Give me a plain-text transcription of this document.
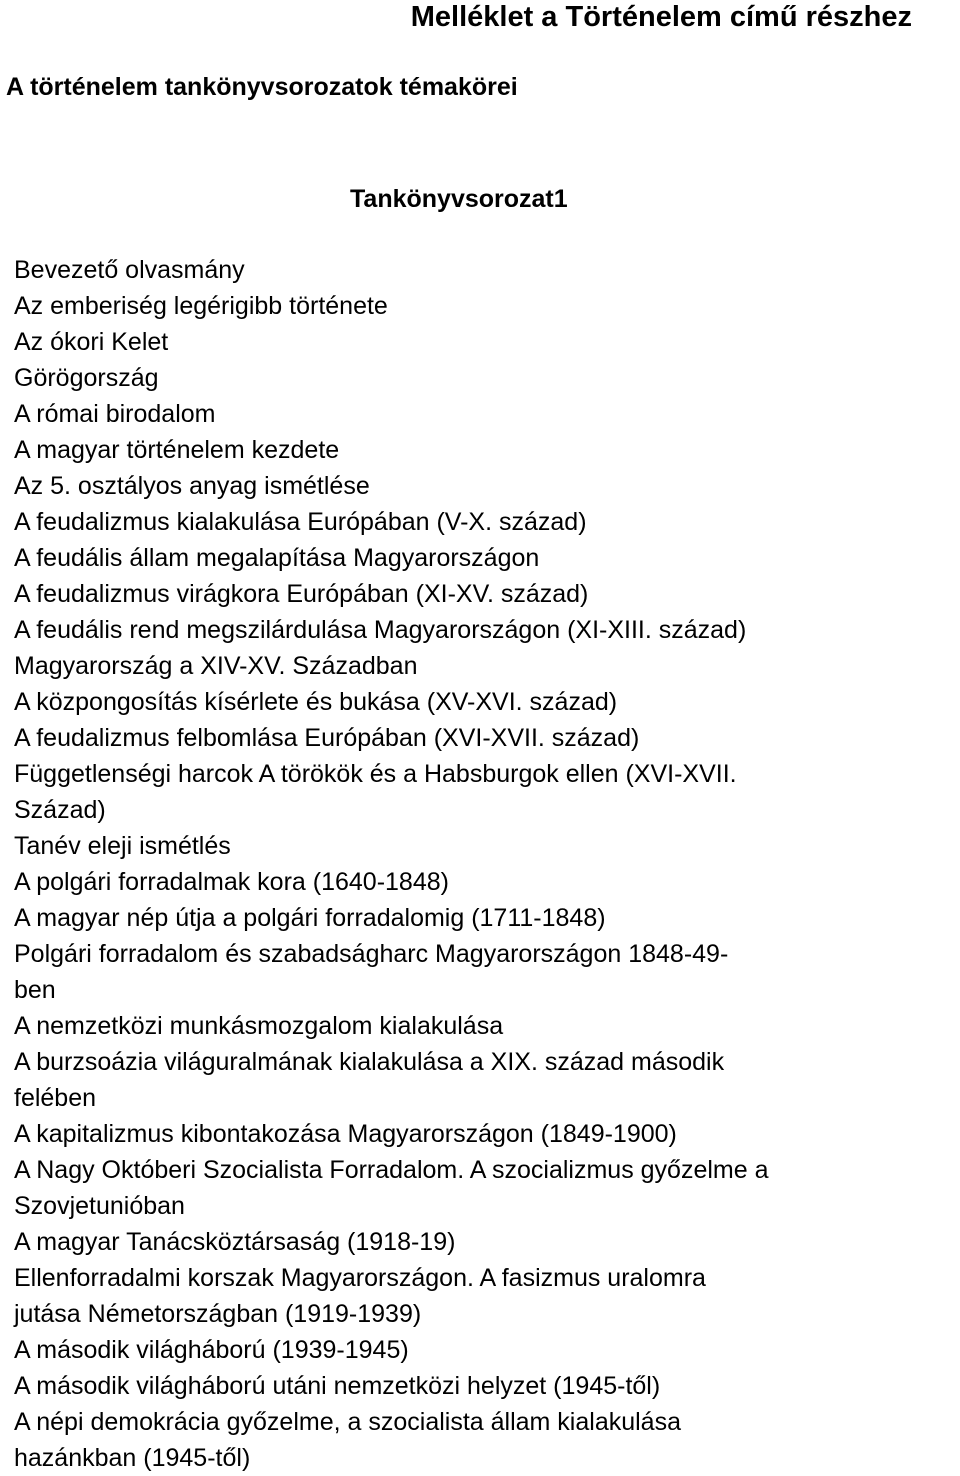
Melléklet a Történelem című részhez
A történelem tankönyvsorozatok témakörei
Tankönyvsorozat1
Bevezető olvasmány
Az emberiség legérigibb története
Az ókori Kelet
Görögország
A római birodalom
A magyar történelem kezdete
Az 5. osztályos anyag ismétlése
A feudalizmus kialakulása Európában (V-X. század)
A feudális állam megalapítása Magyarországon
A feudalizmus virágkora Európában (XI-XV. század)
A feudális rend megszilárdulása Magyarországon (XI-XIII. század)
Magyarország a XIV-XV. Században
A közpongosítás kísérlete és bukása (XV-XVI. század)
A feudalizmus felbomlása Európában (XVI-XVII. század)
Függetlenségi harcok A törökök és a Habsburgok ellen (XVI-XVII.
Század)
Tanév eleji ismétlés
A polgári forradalmak kora (1640-1848)
A magyar nép útja a polgári forradalomig (1711-1848)
Polgári forradalom és szabadságharc Magyarországon 1848-49-
ben
A nemzetközi munkásmozgalom kialakulása
A burzsoázia világuralmának kialakulása a XIX. század második
felében
A kapitalizmus kibontakozása Magyarországon (1849-1900)
A Nagy Októberi Szocialista Forradalom. A szocializmus győzelme a
Szovjetunióban
A magyar Tanácsköztársaság (1918-19)
Ellenforradalmi korszak Magyarországon. A fasizmus uralomra
jutása Németországban (1919-1939)
A második világháború (1939-1945)
A második világháború utáni nemzetközi helyzet (1945-től)
A népi demokrácia győzelme, a szocialista állam kialakulása
hazánkban (1945-től)
